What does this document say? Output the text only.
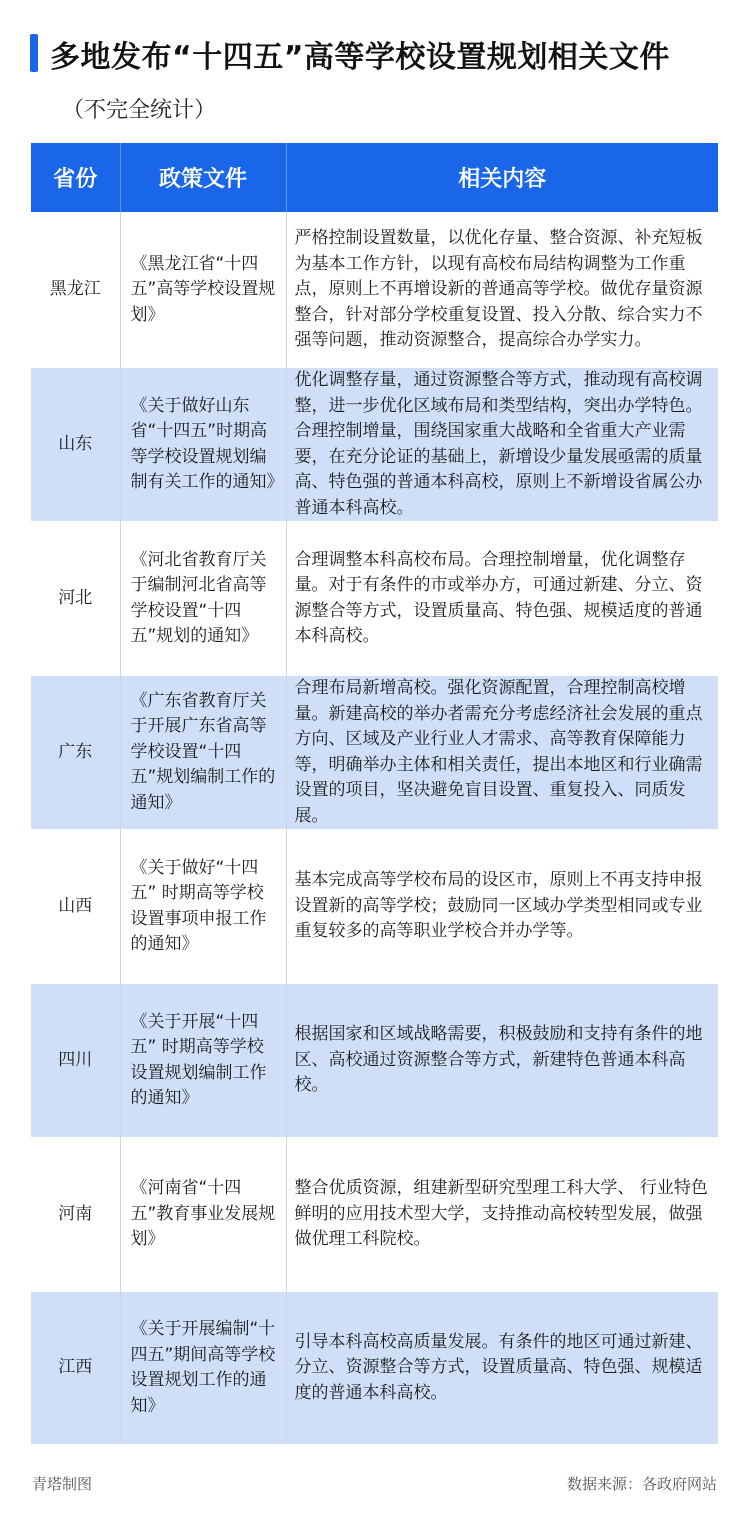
多地发布“十四五”高等学校设置规划相关文件
（不完全统计）
省份	政策文件	相关内容
黑龙江	《黑龙江省“十四五”高等学校设置规划》	严格控制设置数量，以优化存量、整合资源、补充短板为基本工作方针，以现有高校布局结构调整为工作重点，原则上不再增设新的普通高等学校。做优存量资源整合，针对部分学校重复设置、投入分散、综合实力不强等问题，推动资源整合，提高综合办学实力。
山东	《关于做好山东省“十四五”时期高等学校设置规划编制有关工作的通知》	优化调整存量，通过资源整合等方式，推动现有高校调整，进一步优化区域布局和类型结构，突出办学特色。合理控制增量，围绕国家重大战略和全省重大产业需要，在充分论证的基础上，新增设少量发展亟需的质量高、特色强的普通本科高校，原则上不新增设省属公办普通本科高校。
河北	《河北省教育厅关于编制河北省高等学校设置“十四五”规划的通知》	合理调整本科高校布局。合理控制增量，优化调整存量。对于有条件的市或举办方，可通过新建、分立、资源整合等方式，设置质量高、特色强、规模适度的普通本科高校。
广东	《广东省教育厅关于开展广东省高等学校设置“十四五”规划编制工作的通知》	合理布局新增高校。强化资源配置，合理控制高校增量。新建高校的举办者需充分考虑经济社会发展的重点方向、区域及产业行业人才需求、高等教育保障能力等，明确举办主体和相关责任，提出本地区和行业确需设置的项目，坚决避免盲目设置、重复投入、同质发展。
山西	《关于做好“十四五” 时期高等学校设置事项申报工作的通知》	基本完成高等学校布局的设区市，原则上不再支持申报设置新的高等学校；鼓励同一区域办学类型相同或专业重复较多的高等职业学校合并办学等。
四川	《关于开展“十四五” 时期高等学校设置规划编制工作的通知》	根据国家和区域战略需要，积极鼓励和支持有条件的地区、高校通过资源整合等方式，新建特色普通本科高校。
河南	《河南省“十四五”教育事业发展规划》	整合优质资源，组建新型研究型理工科大学、 行业特色鲜明的应用技术型大学，支持推动高校转型发展，做强做优理工科院校。
江西	《关于开展编制“十四五”期间高等学校设置规划工作的通知》	引导本科高校高质量发展。有条件的地区可通过新建、 分立、资源整合等方式，设置质量高、特色强、规模适度的普通本科高校。
青塔制图	数据来源：各政府网站
